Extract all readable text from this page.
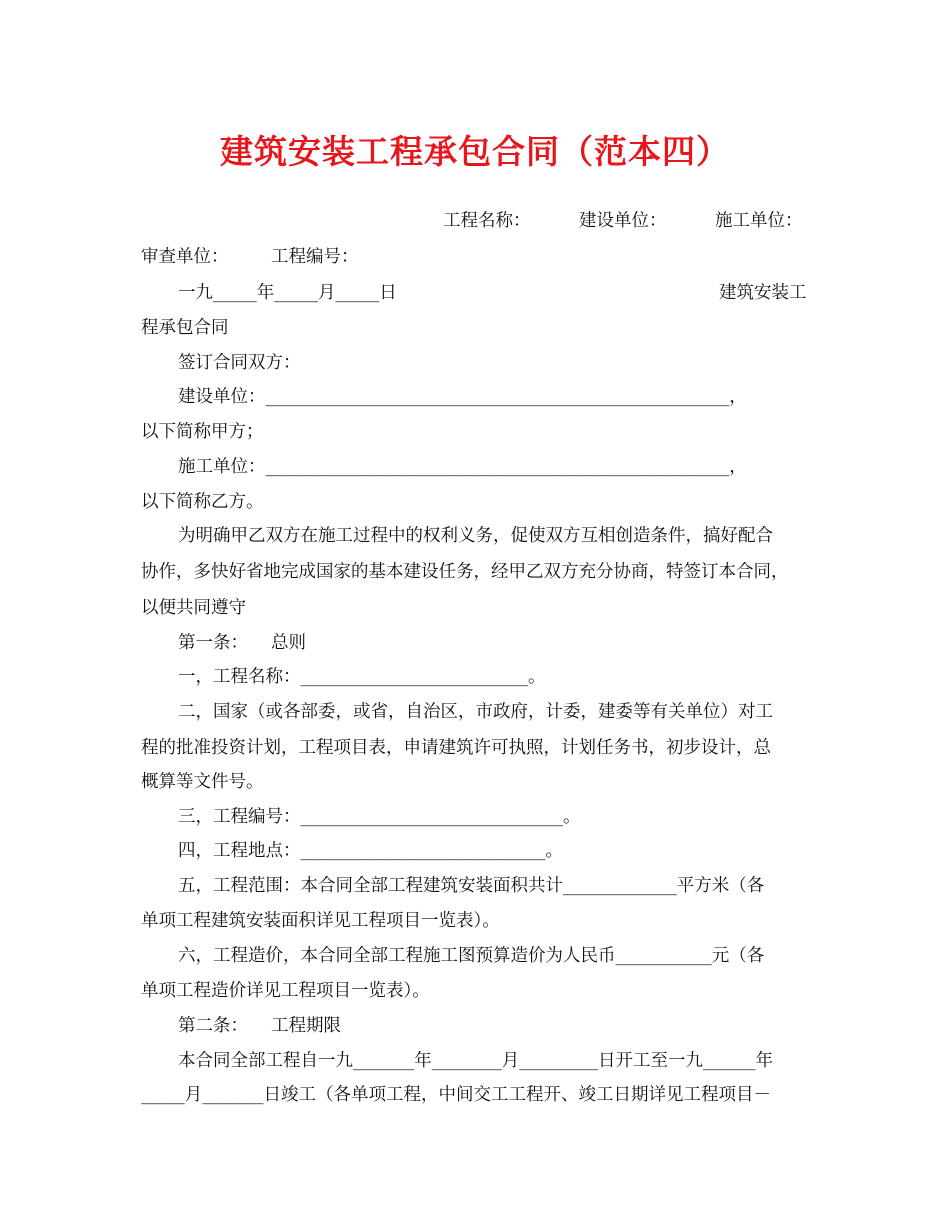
建筑安装工程承包合同（范本四）
工程名称：	建设单位：	施工单位：
审查单位： 工程编号：
一九_____年_____月_____日	建筑安装工
程承包合同
签订合同双方：
建设单位：_____________________________________________________，
以下简称甲方；
施工单位：_____________________________________________________，
以下简称乙方。
为明确甲乙双方在施工过程中的权利义务，促使双方互相创造条件，搞好配合
协作，多快好省地完成国家的基本建设任务，经甲乙双方充分协商，特签订本合同，
以便共同遵守
第一条： 总则
一，工程名称：__________________________。
二，国家（或各部委，或省，自治区，市政府，计委，建委等有关单位）对工
程的批准投资计划，工程项目表，申请建筑许可执照，计划任务书，初步设计，总
概算等文件号。
三，工程编号：______________________________。
四，工程地点：____________________________。
五，工程范围：本合同全部工程建筑安装面积共计_____________平方米（各
单项工程建筑安装面积详见工程项目一览表）。
六，工程造价，本合同全部工程施工图预算造价为人民币___________元（各
单项工程造价详见工程项目一览表）。
第二条： 工程期限
本合同全部工程自一九_______年________月_________日开工至一九______年
_____月_______日竣工（各单项工程，中间交工工程开、竣工日期详见工程项目－
